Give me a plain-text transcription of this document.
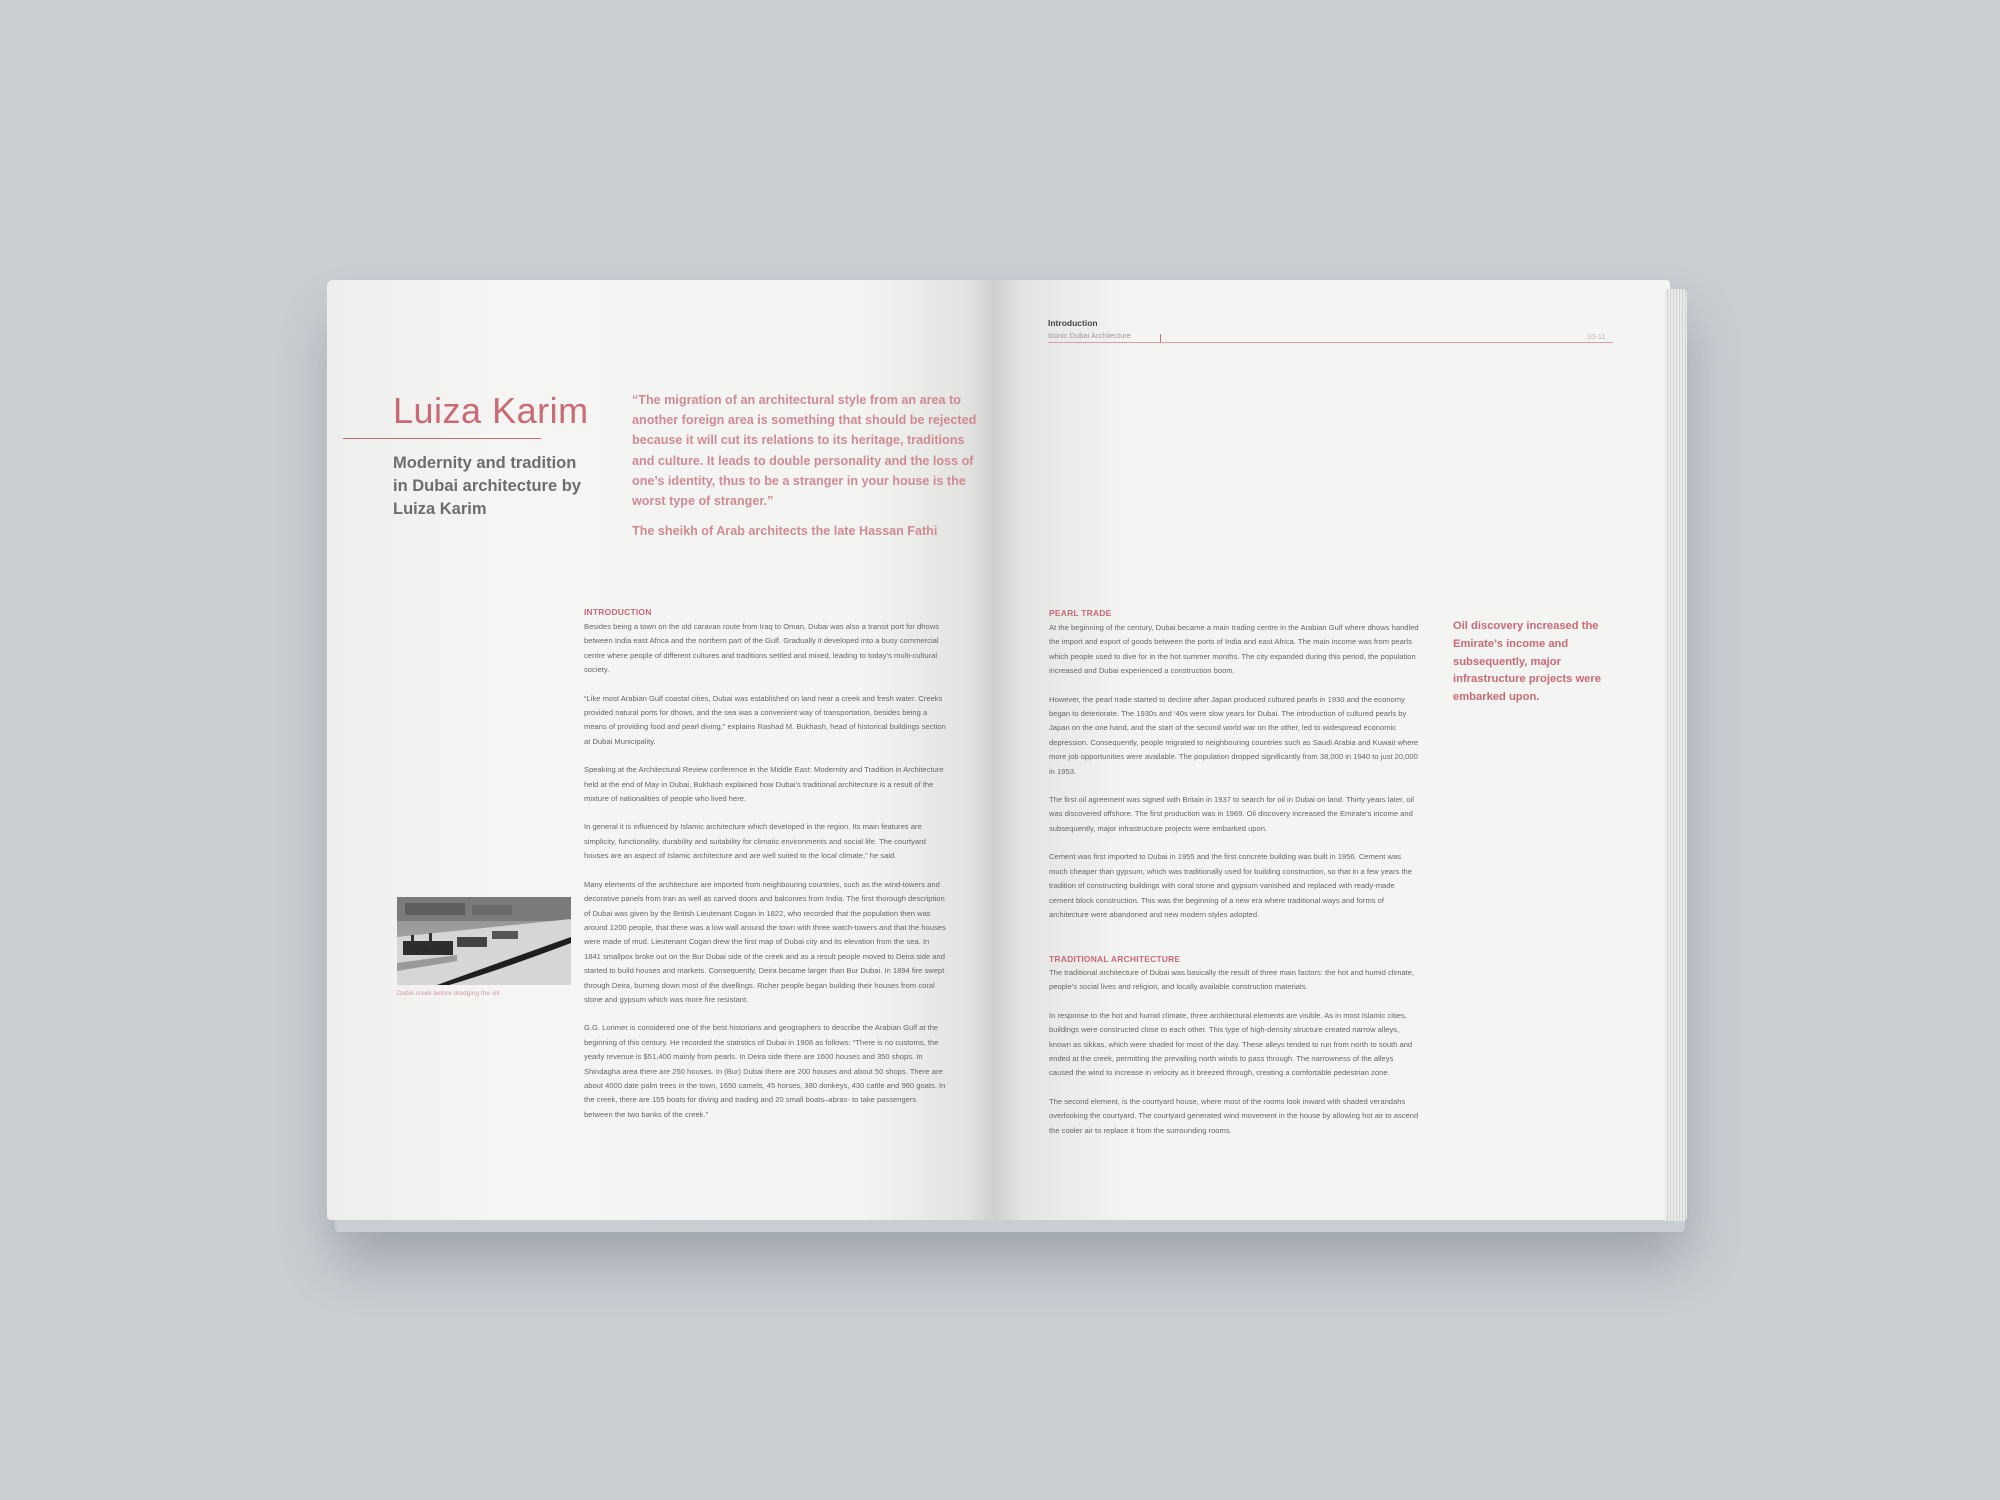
Luiza Karim
Modernity and tradition in Dubai architecture by Luiza Karim
“The migration of an architectural style from an area to another foreign area is something that should be rejected because it will cut its relations to its heritage, traditions and culture. It leads to double personality and the loss of one’s identity, thus to be a stranger in your house is the worst type of stranger.”
The sheikh of Arab architects the late Hassan Fathi
INTRODUCTION

Besides being a town on the old caravan route from Iraq to Oman, Dubai was also a transit port for dhows between India east Africa and the northern part of the Gulf. Gradually it developed into a busy commercial centre where people of different cultures and traditions settled and mixed, leading to today’s multi-cultural society.

“Like most Arabian Gulf coastal cities, Dubai was established on land near a creek and fresh water. Creeks provided natural ports for dhows, and the sea was a convenient way of transportation, besides being a means of providing food and pearl diving,” explains Rashad M. Bukhash, head of historical buildings section at Dubai Municipality.

Speaking at the Architectural Review conference in the Middle East: Modernity and Tradition in Architecture held at the end of May in Dubai, Bukhash explained how Dubai’s traditional architecture is a result of the mixture of nationalities of people who lived here.

In general it is influenced by Islamic architecture which developed in the region. Its main features are simplicity, functionality, durability and suitability for climatic environments and social life. The courtyard houses are an aspect of Islamic architecture and are well suited to the local climate,” he said.

Many elements of the architecture are imported from neighbouring countries, such as the wind-towers and decorative panels from Iran as well as carved doors and balconies from India. The first thorough description of Dubai was given by the British Lieutenant Cogan in 1822, who recorded that the population then was around 1200 people, that there was a low wall around the town with three watch-towers and that the houses were made of mud. Lieutenant Cogan drew the first map of Dubai city and its elevation from the sea. In 1841 smallpox broke out on the Bur Dubai side of the creek and as a result people moved to Deira side and started to build houses and markets. Consequently, Deira became larger than Bur Dubai. In 1894 fire swept through Deira, burning down most of the dwellings. Richer people began building their houses from coral stone and gypsum which was more fire resistant.

G.G. Lorimer is considered one of the best historians and geographers to describe the Arabian Gulf at the beginning of this century. He recorded the statistics of Dubai in 1908 as follows: “There is no customs, the yearly revenue is $51,400 mainly from pearls. In Deira side there are 1600 houses and 350 shops. In Shindagha area there are 250 houses. In (Bur) Dubai there are 200 houses and about 50 shops. There are about 4000 date palm trees in the town, 1650 camels, 45 horses, 380 donkeys, 430 cattle and 960 goats. In the creek, there are 155 boats for diving and trading and 20 small boats–abras- to take passengers between the two banks of the creek.”

Dubai creek before dredging the silt
Introduction
Iconic Dubai Architecture	10-11
PEARL TRADE

At the beginning of the century, Dubai became a main trading centre in the Arabian Gulf where dhows handled the import and export of goods between the ports of India and east Africa. The main income was from pearls which people used to dive for in the hot summer months. The city expanded during this period, the population increased and Dubai experienced a construction boom.

However, the pearl trade started to decline after Japan produced cultured pearls in 1930 and the economy began to deteriorate. The 1930s and ‘40s were slow years for Dubai. The introduction of cultured pearls by Japan on the one hand, and the start of the second world war on the other, led to widespread economic depression. Consequently, people migrated to neighbouring countries such as Saudi Arabia and Kuwait where more job opportunities were available. The population dropped significantly from 38,000 in 1940 to just 20,000 in 1953.

The first oil agreement was signed with Britain in 1937 to search for oil in Dubai on land. Thirty years later, oil was discovered offshore. The first production was in 1969. Oil discovery increased the Emirate’s income and subsequently, major infrastructure projects were embarked upon.

Cement was first imported to Dubai in 1955 and the first concrete building was built in 1956. Cement was much cheaper than gypsum, which was traditionally used for building construction, so that in a few years the tradition of constructing buildings with coral stone and gypsum vanished and replaced with ready-made cement block construction. This was the beginning of a new era where traditional ways and forms of architecture were abandoned and new modern styles adopted.

TRADITIONAL ARCHITECTURE

The traditional architecture of Dubai was basically the result of three main factors: the hot and humid climate, people’s social lives and religion, and locally available construction materials.

In response to the hot and humid climate, three architectural elements are visible. As in most Islamic cities, buildings were constructed close to each other. This type of high-density structure created narrow alleys, known as sikkas, which were shaded for most of the day. These alleys tended to run from north to south and ended at the creek, permitting the prevailing north winds to pass through. The narrowness of the alleys caused the wind to increase in velocity as it breezed through, creating a comfortable pedestrian zone.

The second element, is the courtyard house, where most of the rooms look inward with shaded verandahs overlooking the courtyard. The courtyard generated wind movement in the house by allowing hot air to ascend the cooler air to replace it from the surrounding rooms.

Oil discovery increased the Emirate’s income and subsequently, major infrastructure projects were embarked upon.
